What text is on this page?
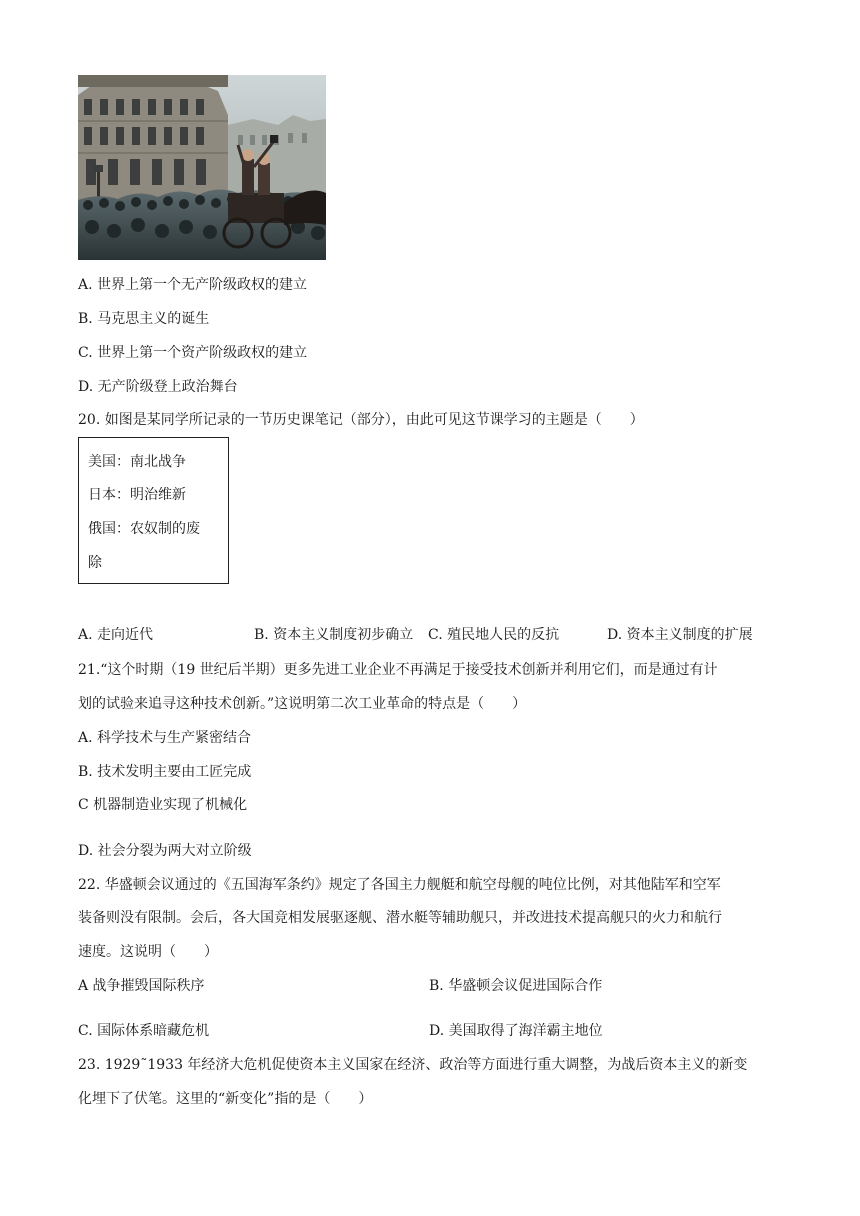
A. 世界上第一个无产阶级政权的建立
B. 马克思主义的诞生
C. 世界上第一个资产阶级政权的建立
D. 无产阶级登上政治舞台
20. 如图是某同学所记录的一节历史课笔记（部分），由此可见这节课学习的主题是（　　）
美国：南北战争
日本：明治维新
俄国：农奴制的废
除
A. 走向近代	B. 资本主义制度初步确立 C. 殖民地人民的反抗	D. 资本主义制度的扩展
21.“这个时期（19 世纪后半期）更多先进工业企业不再满足于接受技术创新并利用它们，而是通过有计
划的试验来追寻这种技术创新。”这说明第二次工业革命的特点是（　　）
A. 科学技术与生产紧密结合
B. 技术发明主要由工匠完成
C 机器制造业实现了机械化
D. 社会分裂为两大对立阶级
22. 华盛顿会议通过的《五国海军条约》规定了各国主力舰艇和航空母舰的吨位比例，对其他陆军和空军
装备则没有限制。会后，各大国竞相发展驱逐舰、潜水艇等辅助舰只，并改进技术提高舰只的火力和航行
速度。这说明（　　）
A 战争摧毁国际秩序	B. 华盛顿会议促进国际合作
C. 国际体系暗藏危机	D. 美国取得了海洋霸主地位
23. 1929˜1933 年经济大危机促使资本主义国家在经济、政治等方面进行重大调整，为战后资本主义的新变
化埋下了伏笔。这里的“新变化”指的是（　　）
